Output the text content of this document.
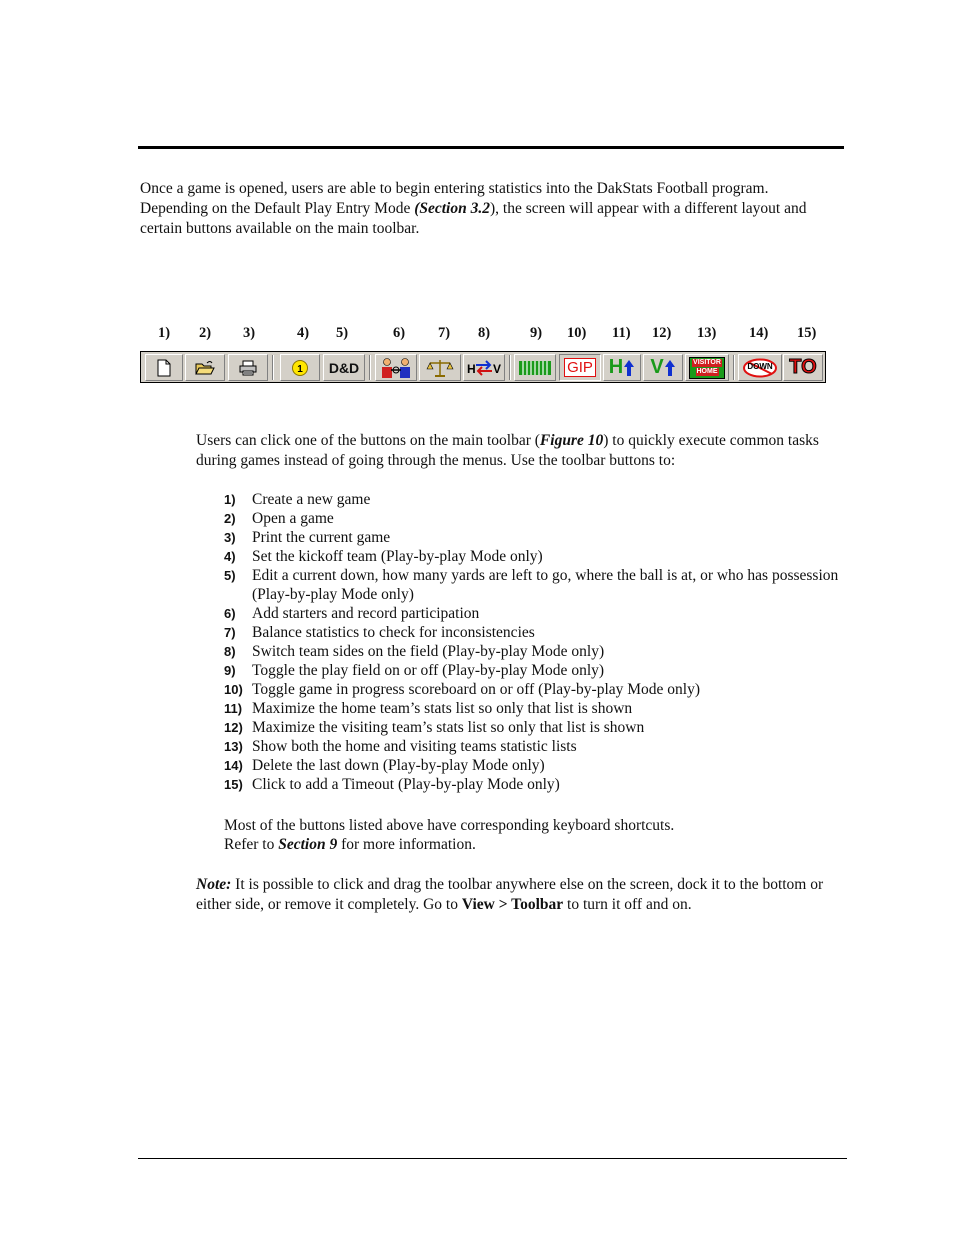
Once a game is opened, users are able to begin entering statistics into the DakStats Football program. Depending on the Default Play Entry Mode (Section 3.2), the screen will appear with a different layout and certain buttons available on the main toolbar.

1) 2) 3)	4) 5)	6) 7) 8)	9) 10) 11) 12) 13) 14) 15)
1 D&D	H V	GIP H V	VISITOR
HOME
DOWN TO

Users can click one of the buttons on the main toolbar (Figure 10) to quickly execute common tasks during games instead of going through the menus. Use the toolbar buttons to:

1) Create a new game
2) Open a game
3) Print the current game
4) Set the kickoff team (Play-by-play Mode only)
5) Edit a current down, how many yards are left to go, where the ball is at, or who has possession (Play-by-play Mode only)
6) Add starters and record participation
7) Balance statistics to check for inconsistencies
8) Switch team sides on the field (Play-by-play Mode only)
9) Toggle the play field on or off (Play-by-play Mode only)
10) Toggle game in progress scoreboard on or off (Play-by-play Mode only)
11) Maximize the home team’s stats list so only that list is shown
12) Maximize the visiting team’s stats list so only that list is shown
13) Show both the home and visiting teams statistic lists
14) Delete the last down (Play-by-play Mode only)
15) Click to add a Timeout (Play-by-play Mode only)

Most of the buttons listed above have corresponding keyboard shortcuts.
Refer to Section 9 for more information.

Note: It is possible to click and drag the toolbar anywhere else on the screen, dock it to the bottom or either side, or remove it completely. Go to View > Toolbar to turn it off and on.
